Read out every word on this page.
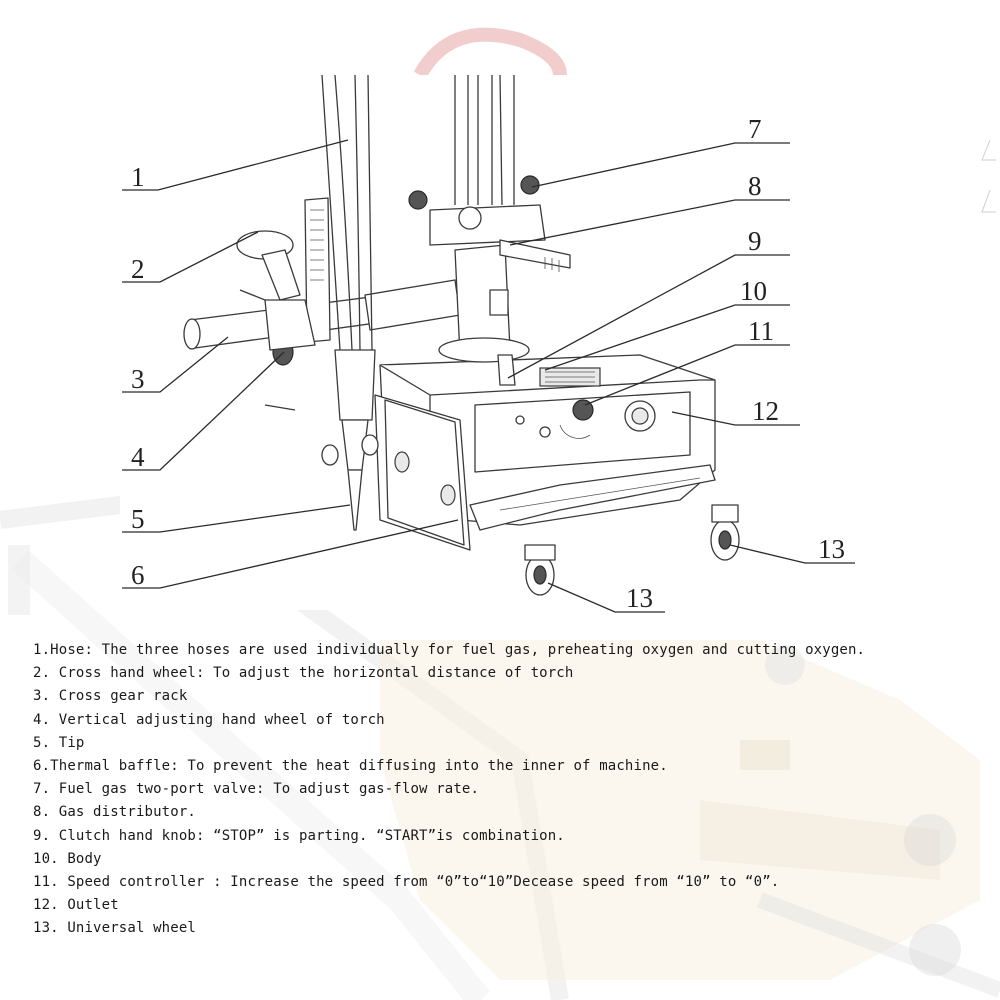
1
2
3
4
5
6
7
8
9
10
11
12
13
13
1.Hose: The three hoses are used individually for fuel gas, preheating oxygen and cutting oxygen.
2. Cross hand wheel: To adjust the horizontal distance of torch
3. Cross gear rack
4. Vertical adjusting hand wheel of torch
5. Tip
6.Thermal baffle: To prevent the heat diffusing into the inner of machine.
7. Fuel gas two-port valve: To adjust gas-flow rate.
8. Gas distributor.
9. Clutch hand knob: “STOP” is parting. “START”is combination.
10. Body
11. Speed controller : Increase the speed from “0”to“10”Decease speed from “10” to “0”.
12. Outlet
13. Universal wheel
